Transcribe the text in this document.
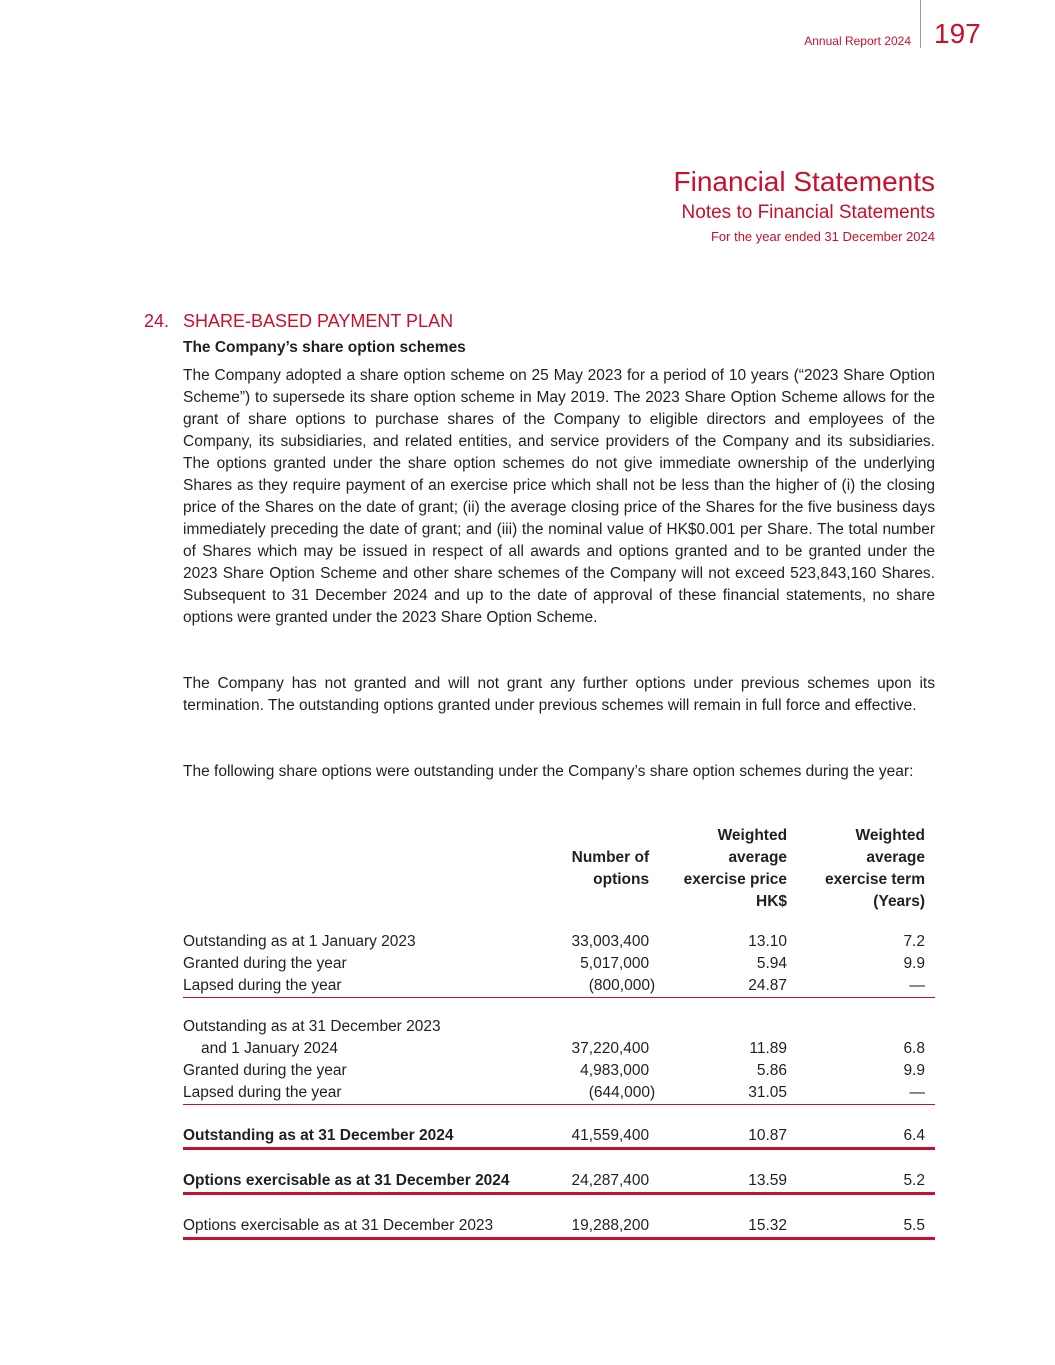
Annual Report 2024 197
Financial Statements
Notes to Financial Statements
For the year ended 31 December 2024
24. SHARE-BASED PAYMENT PLAN
The Company’s share option schemes

The Company adopted a share option scheme on 25 May 2023 for a period of 10 years (“2023 Share Option Scheme”) to supersede its share option scheme in May 2019. The 2023 Share Option Scheme allows for the grant of share options to purchase shares of the Company to eligible directors and employees of the Company, its subsidiaries, and related entities, and service providers of the Company and its subsidiaries. The options granted under the share option schemes do not give immediate ownership of the underlying Shares as they require payment of an exercise price which shall not be less than the higher of (i) the closing price of the Shares on the date of grant; (ii) the average closing price of the Shares for the five business days immediately preceding the date of grant; and (iii) the nominal value of HK$0.001 per Share. The total number of Shares which may be issued in respect of all awards and options granted and to be granted under the 2023 Share Option Scheme and other share schemes of the Company will not exceed 523,843,160 Shares. Subsequent to 31 December 2024 and up to the date of approval of these financial statements, no share options were granted under the 2023 Share Option Scheme.

The Company has not granted and will not grant any further options under previous schemes upon its termination. The outstanding options granted under previous schemes will remain in full force and effective.

The following share options were outstanding under the Company’s share option schemes during the year:

		Weighted	Weighted
	Number of	average	average
	options	exercise price	exercise term
		HK$	(Years)

Outstanding as at 1 January 2023	33,003,400	13.10	7.2
Granted during the year	5,017,000	5.94	9.9
Lapsed during the year	(800,000)	24.87	—

Outstanding as at 31 December 2023			
and 1 January 2024	37,220,400	11.89	6.8
Granted during the year	4,983,000	5.86	9.9
Lapsed during the year	(644,000)	31.05	—

Outstanding as at 31 December 2024	41,559,400	10.87	6.4

Options exercisable as at 31 December 2024	24,287,400	13.59	5.2

Options exercisable as at 31 December 2023	19,288,200	15.32	5.5
